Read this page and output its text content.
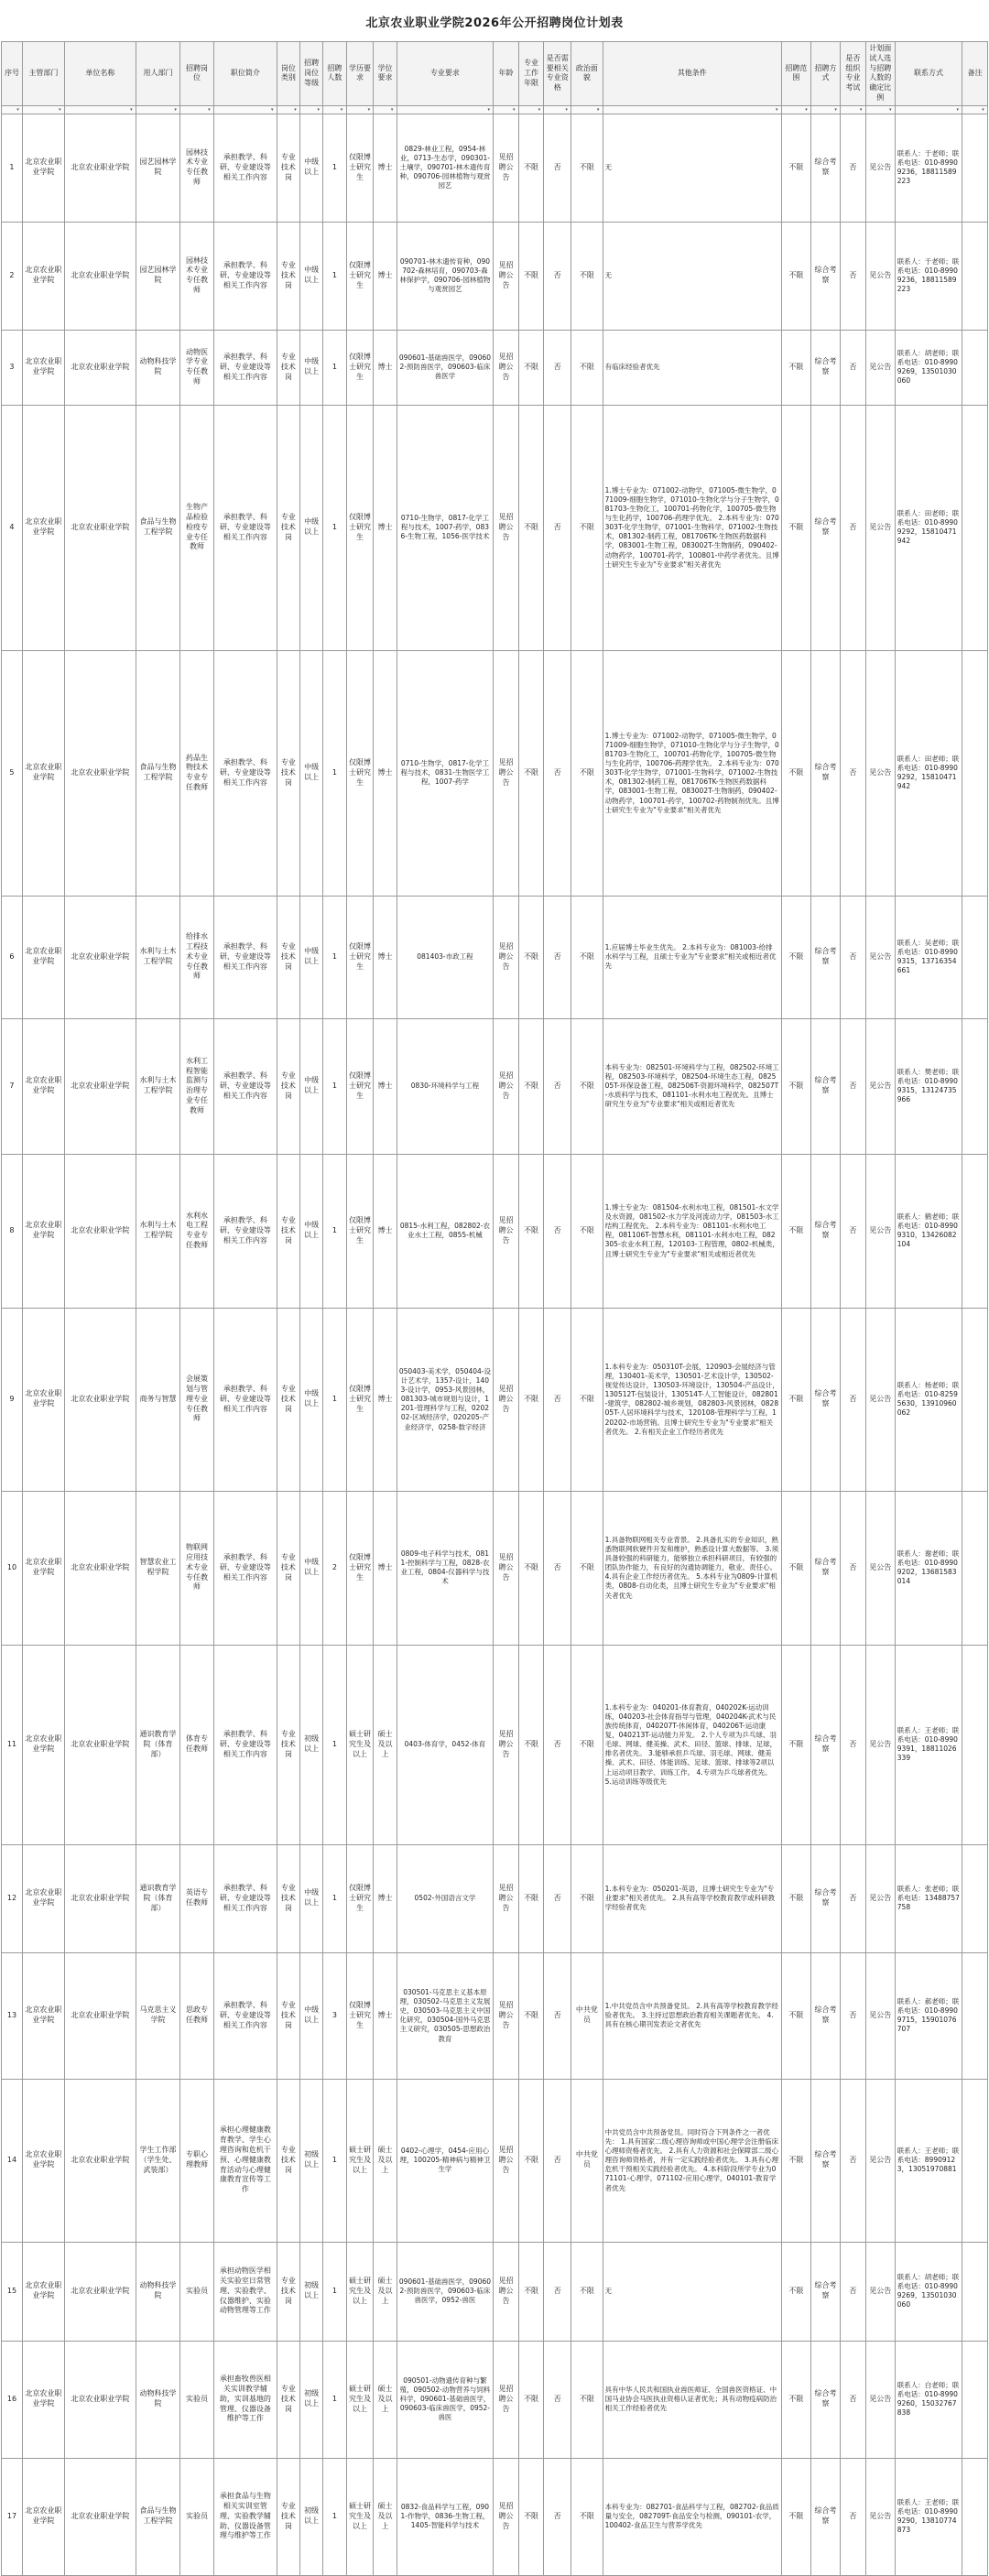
北京农业职业学院2026年公开招聘岗位计划表
序号	主管部门	单位名称	用人部门	招聘岗位	职位简介	岗位类别	招聘岗位等级	招聘人数	学历要求	学位要求	专业要求	年龄	专业工作年限	是否需要相关专业资格	政治面貌	其他条件	招聘范围	招聘方式	是否组织专业考试	计划面试人选与招聘人数的确定比例	联系方式	备注

▾	▾	▾	▾	▾	▾	▾	▾	▾	▾	▾	▾	▾	▾	▾	▾	▾	▾	▾	▾	▾	▾	▾

1	北京农业职业学院	北京农业职业学院	园艺园林学院	园林技术专业专任教师	承担教学、科研、专业建设等相关工作内容	专业技术岗	中级以上	1	仅限博士研究生	博士	0829-林业工程，0954-林业，0713-生态学，090301-土壤学，090701-林木遗传育种，090706-园林植物与观赏园艺	见招聘公告	不限	否	不限	无	不限	综合考察	否	见公告	联系人：于老师；联系电话：010-89909236，18811589223	
2	北京农业职业学院	北京农业职业学院	园艺园林学院	园林技术专业专任教师	承担教学、科研、专业建设等相关工作内容	专业技术岗	中级以上	1	仅限博士研究生	博士	090701-林木遗传育种，090702-森林培育，090703-森林保护学，090706-园林植物与观赏园艺	见招聘公告	不限	否	不限	无	不限	综合考察	否	见公告	联系人：于老师；联系电话：010-89909236，18811589223	
3	北京农业职业学院	北京农业职业学院	动物科技学院	动物医学专业专任教师	承担教学、科研、专业建设等相关工作内容	专业技术岗	中级以上	1	仅限博士研究生	博士	090601-基础兽医学，090602-预防兽医学，090603-临床兽医学	见招聘公告	不限	否	不限	有临床经验者优先	不限	综合考察	否	见公告	联系人：胡老师；联系电话：010-89909269，13501030060	
4	北京农业职业学院	北京农业职业学院	食品与生物工程学院	生物产品检验检疫专业专任教师	承担教学、科研、专业建设等相关工作内容	专业技术岗	中级以上	1	仅限博士研究生	博士	0710-生物学，0817-化学工程与技术，1007-药学，0836-生物工程，1056-医学技术	见招聘公告	不限	否	不限	1.博士专业为：071002-动物学，071005-微生物学，071009-细胞生物学，071010-生物化学与分子生物学，081703-生物化工，100701-药物化学，100705-微生物与生化药学，100706-药理学优先。 2.本科专业为：070303T-化学生物学，071001-生物科学，071002-生物技术，081302-制药工程，081706TK-生物医药数据科学，083001-生物工程，083002T-生物制药，090402-动物药学，100701-药学，100801-中药学者优先。且博士研究生专业为"专业要求"相关者优先	不限	综合考察	否	见公告	联系人：田老师；联系电话：010-89909292，15810471942	
5	北京农业职业学院	北京农业职业学院	食品与生物工程学院	药品生物技术专业专任教师	承担教学、科研、专业建设等相关工作内容	专业技术岗	中级以上	1	仅限博士研究生	博士	0710-生物学，0817-化学工程与技术，0831-生物医学工程，1007-药学	见招聘公告	不限	否	不限	1.博士专业为：071002-动物学，071005-微生物学，071009-细胞生物学，071010-生物化学与分子生物学，081703-生物化工，100701-药物化学，100705-微生物与生化药学，100706-药理学优先。 2.本科专业为：070303T-化学生物学，071001-生物科学，071002-生物技术，081302-制药工程，081706TK-生物医药数据科学，083001-生物工程，083002T-生物制药，090402-动物药学，100701-药学，100702-药物制剂优先。且博士研究生专业为"专业要求"相关者优先	不限	综合考察	否	见公告	联系人：田老师；联系电话：010-89909292，15810471942	
6	北京农业职业学院	北京农业职业学院	水利与土木工程学院	给排水工程技术专业专任教师	承担教学、科研、专业建设等相关工作内容	专业技术岗	中级以上	1	仅限博士研究生	博士	081403-市政工程	见招聘公告	不限	否	不限	1.应届博士毕业生优先。 2.本科专业为：081003-给排水科学与工程，且硕士专业为"专业要求"相关或相近者优先	不限	综合考察	否	见公告	联系人：吴老师；联系电话：010-89909315，13716354661	
7	北京农业职业学院	北京农业职业学院	水利与土木工程学院	水利工程智能监测与治理专业专任教师	承担教学、科研、专业建设等相关工作内容	专业技术岗	中级以上	1	仅限博士研究生	博士	0830-环境科学与工程	见招聘公告	不限	否	不限	本科专业为：082501-环境科学与工程，082502-环境工程，082503-环境科学，082504-环境生态工程，082505T-环保设备工程，082506T-资源环境科学，082507T-水质科学与技术，081101-水利水电工程优先。且博士研究生专业为"专业要求"相关或相近者优先	不限	综合考察	否	见公告	联系人：樊老师；联系电话：010-89909315，13124735966	
8	北京农业职业学院	北京农业职业学院	水利与土木工程学院	水利水电工程专业专任教师	承担教学、科研、专业建设等相关工作内容	专业技术岗	中级以上	1	仅限博士研究生	博士	0815-水利工程，082802-农业水土工程，0855-机械	见招聘公告	不限	否	不限	1.博士专业为：081504-水利水电工程，081501-水文学及水资源，081502-水力学及河流动力学，081503-水工结构工程优先。 2.本科专业为：081101-水利水电工程，081106T-智慧水利，081101-水利水电工程，082305-农业水利工程，120103-工程管理，0802-机械类，且博士研究生专业为"专业要求"相关或相近者优先	不限	综合考察	否	见公告	联系人：鹤老师；联系电话：010-89909310，13426082104	
9	北京农业职业学院	北京农业职业学院	商务与智慧	会展策划与管理专业专任教师	承担教学、科研、专业建设等相关工作内容	专业技术岗	中级以上	1	仅限博士研究生	博士	050403-美术学，050404-设计艺术学，1357-设计，1403-设计学，0953-风景园林，081303-城市规划与设计，1201-管理科学与工程，020202-区域经济学，020205-产业经济学，0258-数字经济	见招聘公告	不限	否	不限	1.本科专业为：050310T-会展，120903-会展经济与管理，130401-美术学，130501-艺术设计学，130502-视觉传达设计，130503-环境设计，130504-产品设计，130512T-包装设计，130514T-人工智能设计，082801-建筑学，082802-城乡规划，082803-风景园林，082805T-人居环境科学与技术，120108-管理科学与工程，120202-市场营销。且博士研究生专业为"专业要求"相关者优先。 2.有相关企业工作经历者优先	不限	综合考察	否	见公告	联系人：杨老师；联系电话：010-82595630，13910960062	
10	北京农业职业学院	北京农业职业学院	智慧农业工程学院	物联网应用技术专业专任教师	承担教学、科研、专业建设等相关工作内容	专业技术岗	中级以上	2	仅限博士研究生	博士	0809-电子科学与技术，0811-控制科学与工程，0828-农业工程，0804-仪器科学与技术	见招聘公告	不限	否	不限	1.具备物联网相关专业背景。 2.具备扎实的专业知识，熟悉物联网软硬件开发和维护，熟悉设计算大数据等。 3.须具备较强的科研能力，能够独立承担科研项目，有较强的团队协作能力，有良好的沟通协调能力，敬业、责任心。 4.具有企业工作经历者优先。 5.本科专业为0809-计算机类，0808-自动化类，且博士研究生专业为"专业要求"相关者优先	不限	综合考察	否	见公告	联系人：谢老师；联系电话：010-89909202，13681583014	
11	北京农业职业学院	北京农业职业学院	通识教育学院（体育部）	体育专任教师	承担教学、科研、专业建设等相关工作内容	专业技术岗	初级以上	1	硕士研究生及以上	硕士及以上	0403-体育学，0452-体育	见招聘公告	不限	否	不限	1.本科专业为：040201-体育教育，040202K-运动训练，040203-社会体育指导与管理，040204K-武术与民族传统体育，040207T-休闲体育，040206T-运动康复，040213T-运动能力开发。 2.个人专项为乒乓球、羽毛球、网球、健美操、武术、田径、篮球、排球、足球，排名者优先。 3.能够承担乒乓球、羽毛球、网球、健美操、武术、田径、体能训练、足球、篮球、排球等2项以上运动项目教学、训练工作。 4.专项为乒乓球者优先。 5.运动训练等级优先	不限	综合考察	否	见公告	联系人：王老师；联系电话：010-89909391，18811026339	
12	北京农业职业学院	北京农业职业学院	通识教育学院（体育部）	英语专任教师	承担教学、科研、专业建设等相关工作内容	专业技术岗	中级以上	1	仅限博士研究生	博士	0502-外国语言文学	见招聘公告	不限	否	不限	1.本科专业为：050201-英语，且博士研究生专业为"专业要求"相关者优先。 2.具有高等学校教育教学或科研教学经验者优先	不限	综合考察	否	见公告	联系人：张老师；联系电话：13488757758	
13	北京农业职业学院	北京农业职业学院	马克思主义学院	思政专任教师	承担教学、科研、专业建设等相关工作内容	专业技术岗	中级以上	3	仅限博士研究生	博士	030501-马克思主义基本原理，030502-马克思主义发展史，030503-马克思主义中国化研究，030504-国外马克思主义研究，030505-思想政治教育	见招聘公告	不限	否	中共党员	1.中共党员含中共预备党员。 2.具有高等学校教育教学经验者优先。 3.主持过思想政治教育相关课题者优先。 4.具有在核心期刊发表论文者优先	不限	综合考察	否	见公告	联系人：郝老师；联系电话：010-89909715，15901076707	
14	北京农业职业学院	北京农业职业学院	学生工作部（学生处、武装部）	专职心理教师	承担心理健康教育教学、学生心理咨询和危机干预、心理健康教育活动与心理健康教育宣传等工作	专业技术岗	初级以上	1	硕士研究生及以上	硕士及以上	0402-心理学，0454-应用心理，100205-精神病与精神卫生学	见招聘公告	不限	否	中共党员	中共党员含中共预备党员。同时符合下列条件之一者优先： 1.具有国家二级心理咨询师或中国心理学会注册临床心理师资格者优先。 2.具有人力资源和社会保障部二级心理咨询师资格者，并有一定实践经验者优先。 3.具有心理危机干预相关实践经验者优先。 4.本科阶段所学专业为071101-心理学，071102-应用心理学，040101-教育学者优先	不限	综合考察	否	见公告	联系人：王老师；联系电话：89909123，13051970881	
15	北京农业职业学院	北京农业职业学院	动物科技学院	实验员	承担动物医学相关实验室日常管理、实验教学、仪器维护、实验动物管理等工作	专业技术岗	初级以上	1	硕士研究生及以上	硕士及以上	090601-基础兽医学，090602-预防兽医学，090603-临床兽医学，0952-兽医	见招聘公告	不限	否	不限	无	不限	综合考察	否	见公告	联系人：胡老师；联系电话：010-89909269，13501030060	
16	北京农业职业学院	北京农业职业学院	动物科技学院	实验员	承担畜牧兽医相关实训教学辅助，实训基地的管理、仪器设备维护等工作	专业技术岗	初级以上	1	硕士研究生及以上	硕士及以上	090501-动物遗传育种与繁殖，090502-动物营养与饲料科学，090601-基础兽医学，090603-临床兽医学，0952-兽医	见招聘公告	不限	否	不限	具有中华人民共和国执业兽医师证、全国兽医资格证、中国马业协会马医执业资格认证者优先；具有动物疫病防治相关工作经验者优先	不限	综合考察	否	见公告	联系人：白老师；联系电话：010-89909260，15032767838	
17	北京农业职业学院	北京农业职业学院	食品与生物工程学院	实验员	承担食品与生物相关实训室管理、实验教学辅助、仪器设备管理与维护等工作	专业技术岗	初级以上	1	硕士研究生及以上	硕士及以上	0832-食品科学与工程，0901-作物学，0836-生物工程，1405-智能科学与技术	见招聘公告	不限	否	不限	本科专业为：082701-食品科学与工程，082702-食品质量与安全，082709T-食品安全与检测，090101-农学，100402-食品卫生与营养学优先	不限	综合考察	否	见公告	联系人：王老师；联系电话：010-89909290，13810774873	
